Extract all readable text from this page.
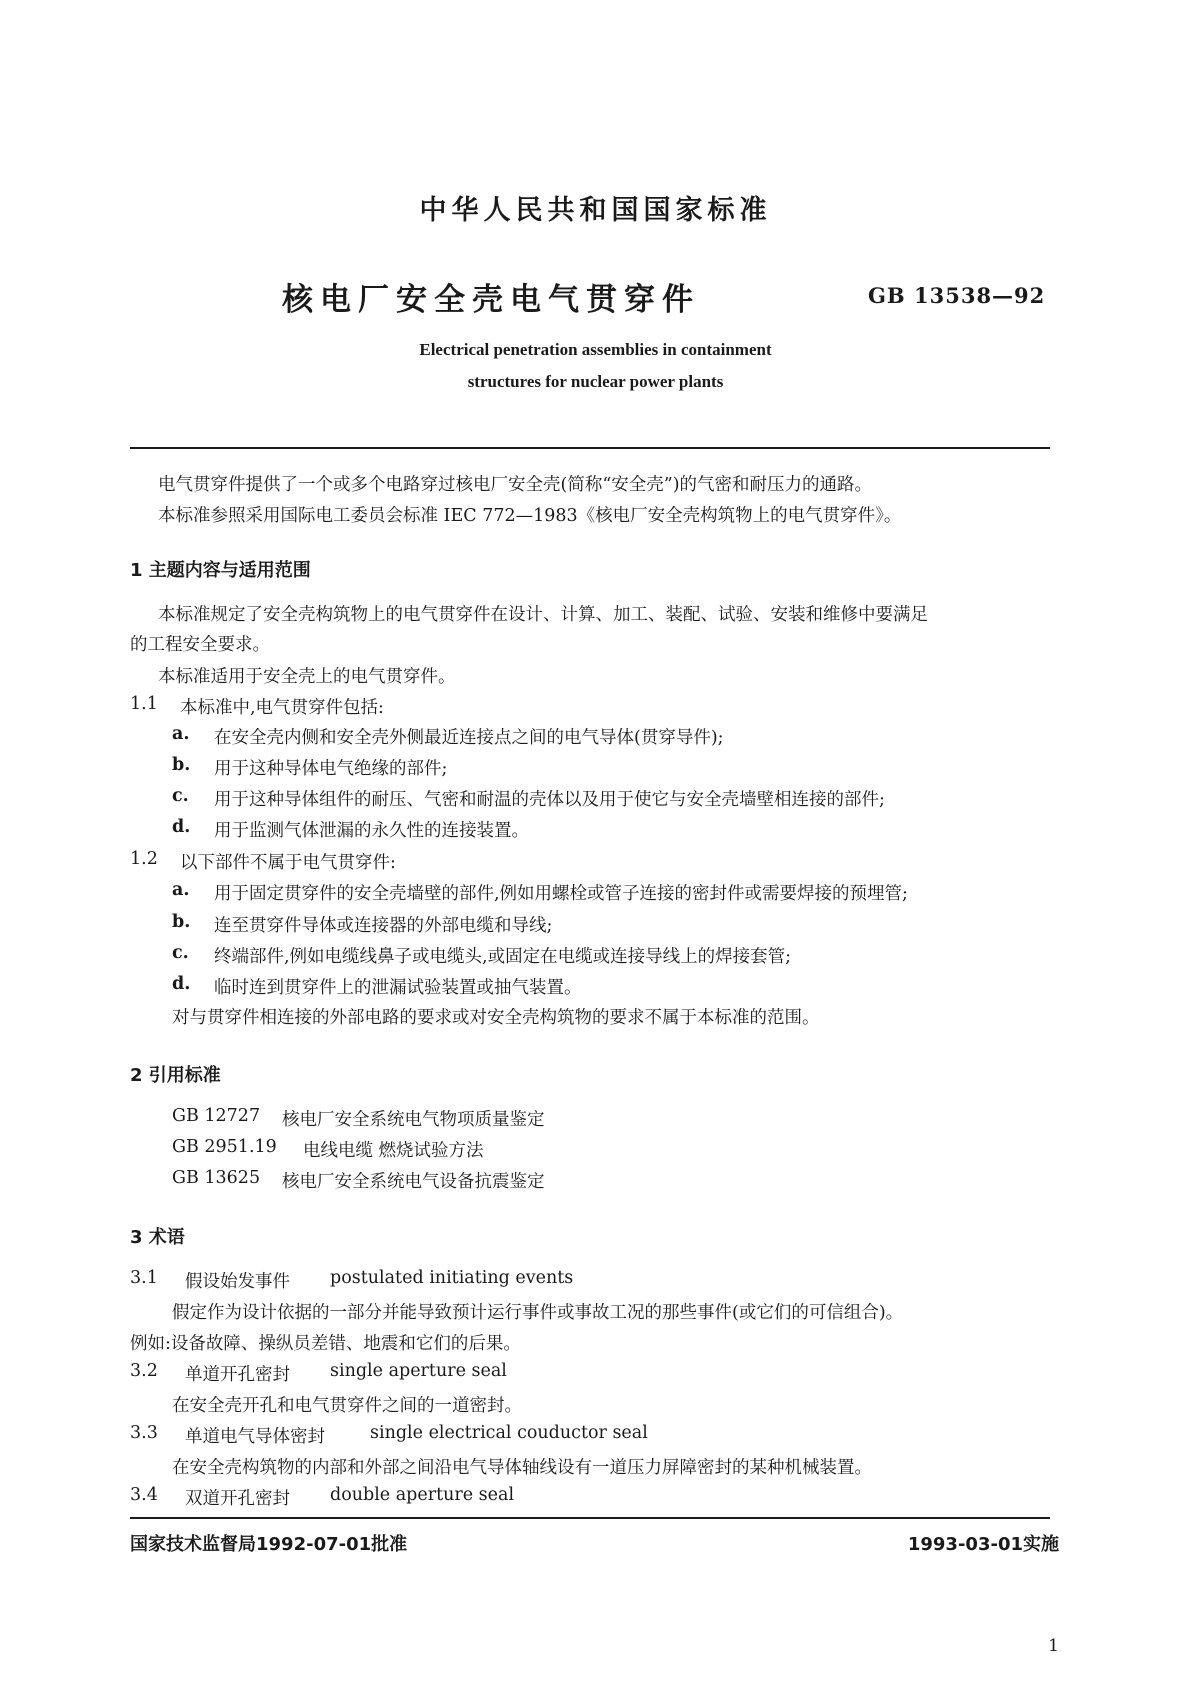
中华人民共和国国家标准
核电厂安全壳电气贯穿件	GB 13538—92
Electrical penetration assemblies in containment
structures for nuclear power plants
电气贯穿件提供了一个或多个电路穿过核电厂安全壳(简称“安全壳”)的气密和耐压力的通路。
本标准参照采用国际电工委员会标准 IEC 772—1983《核电厂安全壳构筑物上的电气贯穿件》。
1 主题内容与适用范围
本标准规定了安全壳构筑物上的电气贯穿件在设计、计算、加工、装配、试验、安装和维修中要满足
的工程安全要求。
本标准适用于安全壳上的电气贯穿件。
1.1 本标准中,电气贯穿件包括:
a. 在安全壳内侧和安全壳外侧最近连接点之间的电气导体(贯穿导件);
b. 用于这种导体电气绝缘的部件;
c. 用于这种导体组件的耐压、气密和耐温的壳体以及用于使它与安全壳墙壁相连接的部件;
d. 用于监测气体泄漏的永久性的连接装置。
1.2 以下部件不属于电气贯穿件:
a. 用于固定贯穿件的安全壳墙壁的部件,例如用螺栓或管子连接的密封件或需要焊接的预埋管;
b. 连至贯穿件导体或连接器的外部电缆和导线;
c. 终端部件,例如电缆线鼻子或电缆头,或固定在电缆或连接导线上的焊接套管;
d. 临时连到贯穿件上的泄漏试验装置或抽气装置。
对与贯穿件相连接的外部电路的要求或对安全壳构筑物的要求不属于本标准的范围。
2 引用标准
GB 12727 核电厂安全系统电气物项质量鉴定
GB 2951.19 电线电缆 燃烧试验方法
GB 13625 核电厂安全系统电气设备抗震鉴定
3 术语
3.1 假设始发事件 postulated initiating events
假定作为设计依据的一部分并能导致预计运行事件或事故工况的那些事件(或它们的可信组合)。
例如:设备故障、操纵员差错、地震和它们的后果。
3.2 单道开孔密封 single aperture seal
在安全壳开孔和电气贯穿件之间的一道密封。
3.3 单道电气导体密封	single electrical couductor seal
在安全壳构筑物的内部和外部之间沿电气导体轴线设有一道压力屏障密封的某种机械装置。
3.4 双道开孔密封 double aperture seal
国家技术监督局1992-07-01批准	1993-03-01实施
1
